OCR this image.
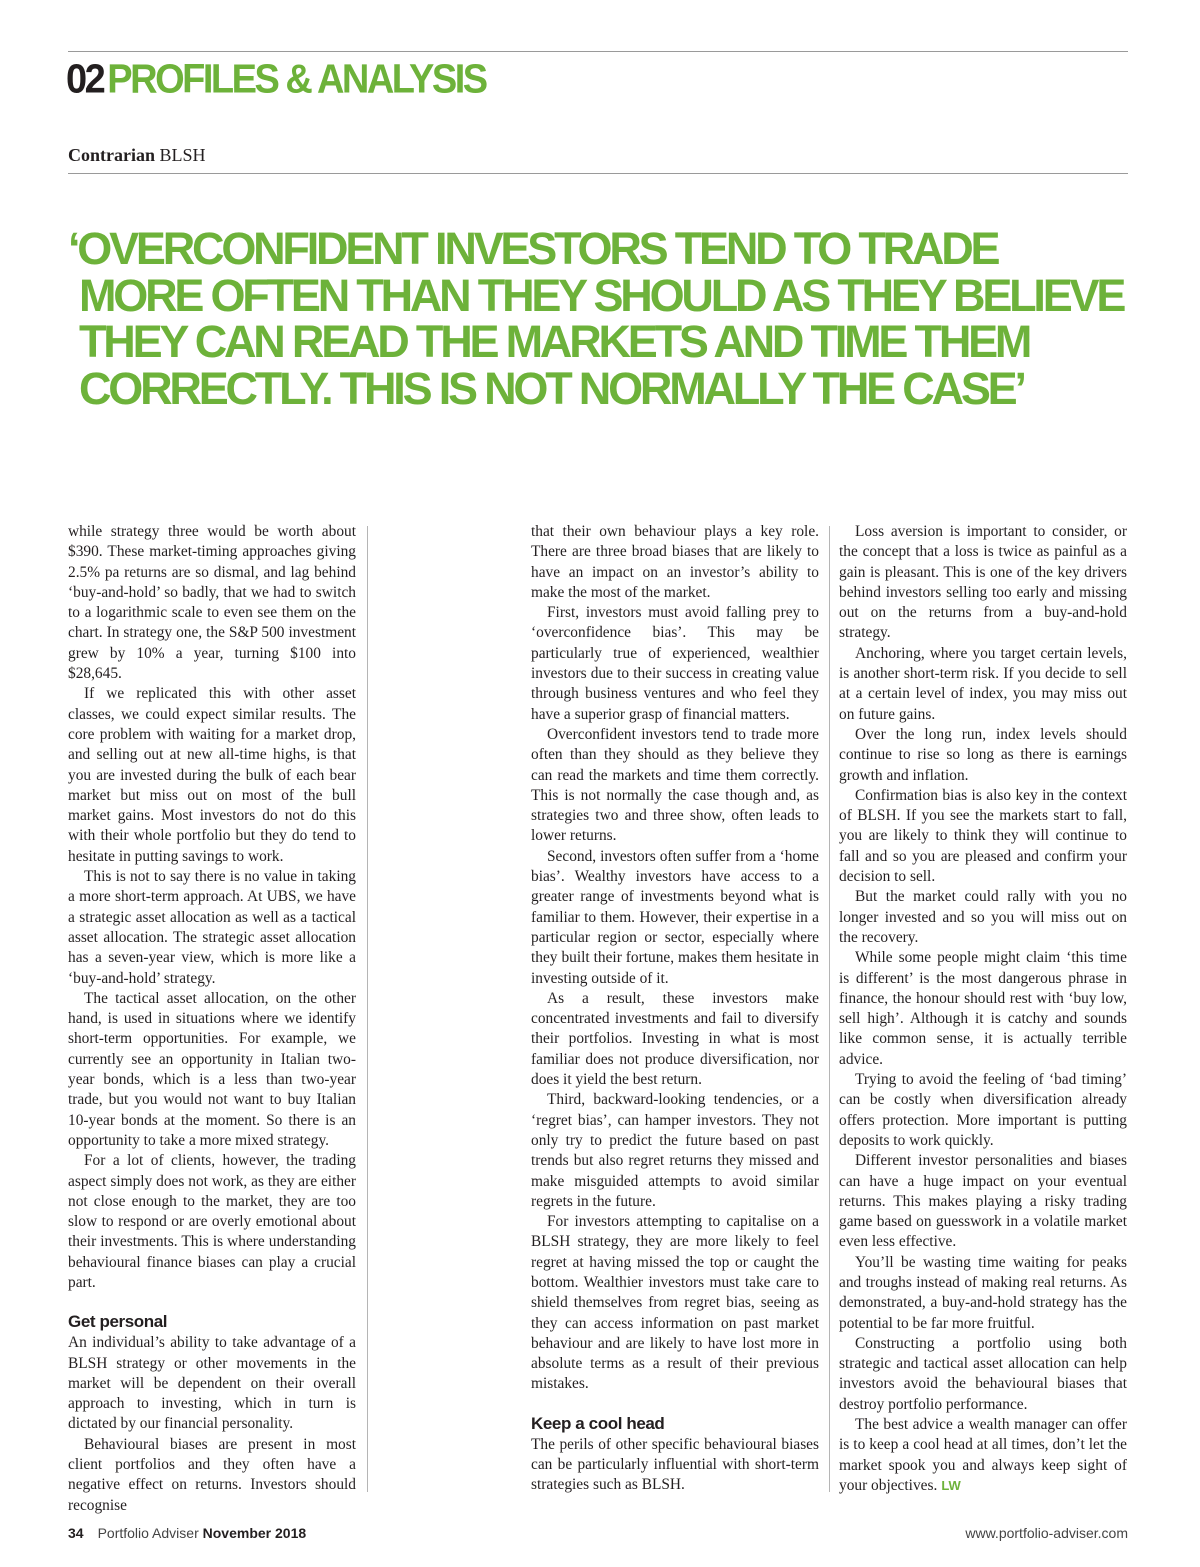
02 PROFILES & ANALYSIS
Contrarian BLSH
‘OVERCONFIDENT INVESTORS TEND TO TRADE
MORE OFTEN THAN THEY SHOULD AS THEY BELIEVE
THEY CAN READ THE MARKETS AND TIME THEM
CORRECTLY. THIS IS NOT NORMALLY THE CASE’

while strategy three would be worth about $390. These market-timing approaches giving 2.5% pa returns are so dismal, and lag behind ‘buy-and-hold’ so badly, that we had to switch to a logarithmic scale to even see them on the chart. In strategy one, the S&P 500 investment grew by 10% a year, turning $100 into $28,645.

If we replicated this with other asset classes, we could expect similar results. The core problem with waiting for a market drop, and selling out at new all-time highs, is that you are invested during the bulk of each bear market but miss out on most of the bull market gains. Most investors do not do this with their whole portfolio but they do tend to hesitate in putting savings to work.

This is not to say there is no value in taking a more short-term approach. At UBS, we have a strategic asset allocation as well as a tactical asset allocation. The strategic asset allocation has a seven-year view, which is more like a ‘buy-and-hold’ strategy.

The tactical asset allocation, on the other hand, is used in situations where we identify short-term opportunities. For example, we currently see an opportunity in Italian two-year bonds, which is a less than two-year trade, but you would not want to buy Italian 10-year bonds at the moment. So there is an opportunity to take a more mixed strategy.

For a lot of clients, however, the trading aspect simply does not work, as they are either not close enough to the market, they are too slow to respond or are overly emotional about their investments. This is where understanding behavioural finance biases can play a crucial part.

Get personal

An individual’s ability to take advantage of a BLSH strategy or other movements in the market will be dependent on their overall approach to investing, which in turn is dictated by our financial personality.

Behavioural biases are present in most client portfolios and they often have a negative effect on returns. Investors should recognise

that their own behaviour plays a key role. There are three broad biases that are likely to have an impact on an investor’s ability to make the most of the market.

First, investors must avoid falling prey to ‘overconfidence bias’. This may be particularly true of experienced, wealthier investors due to their success in creating value through business ventures and who feel they have a superior grasp of financial matters.

Overconfident investors tend to trade more often than they should as they believe they can read the markets and time them correctly. This is not normally the case though and, as strategies two and three show, often leads to lower returns.

Second, investors often suffer from a ‘home bias’. Wealthy investors have access to a greater range of investments beyond what is familiar to them. However, their expertise in a particular region or sector, especially where they built their fortune, makes them hesitate in investing outside of it.

As a result, these investors make concentrated investments and fail to diversify their portfolios. Investing in what is most familiar does not produce diversification, nor does it yield the best return.

Third, backward-looking tendencies, or a ‘regret bias’, can hamper investors. They not only try to predict the future based on past trends but also regret returns they missed and make misguided attempts to avoid similar regrets in the future.

For investors attempting to capitalise on a BLSH strategy, they are more likely to feel regret at having missed the top or caught the bottom. Wealthier investors must take care to shield themselves from regret bias, seeing as they can access information on past market behaviour and are likely to have lost more in absolute terms as a result of their previous mistakes.

Keep a cool head

The perils of other specific behavioural biases can be particularly influential with short-term strategies such as BLSH.

Loss aversion is important to consider, or the concept that a loss is twice as painful as a gain is pleasant. This is one of the key drivers behind investors selling too early and missing out on the returns from a buy-and-hold strategy.

Anchoring, where you target certain levels, is another short-term risk. If you decide to sell at a certain level of index, you may miss out on future gains.

Over the long run, index levels should continue to rise so long as there is earnings growth and inflation.

Confirmation bias is also key in the context of BLSH. If you see the markets start to fall, you are likely to think they will continue to fall and so you are pleased and confirm your decision to sell.

But the market could rally with you no longer invested and so you will miss out on the recovery.

While some people might claim ‘this time is different’ is the most dangerous phrase in finance, the honour should rest with ‘buy low, sell high’. Although it is catchy and sounds like common sense, it is actually terrible advice.

Trying to avoid the feeling of ‘bad timing’ can be costly when diversification already offers protection. More important is putting deposits to work quickly.

Different investor personalities and biases can have a huge impact on your eventual returns. This makes playing a risky trading game based on guesswork in a volatile market even less effective.

You’ll be wasting time waiting for peaks and troughs instead of making real returns. As demonstrated, a buy-and-hold strategy has the potential to be far more fruitful.

Constructing a portfolio using both strategic and tactical asset allocation can help investors avoid the behavioural biases that destroy portfolio performance.

The best advice a wealth manager can offer is to keep a cool head at all times, don’t let the market spook you and always keep sight of your objectives. LW

34 Portfolio Adviser November 2018	www.portfolio-adviser.com
